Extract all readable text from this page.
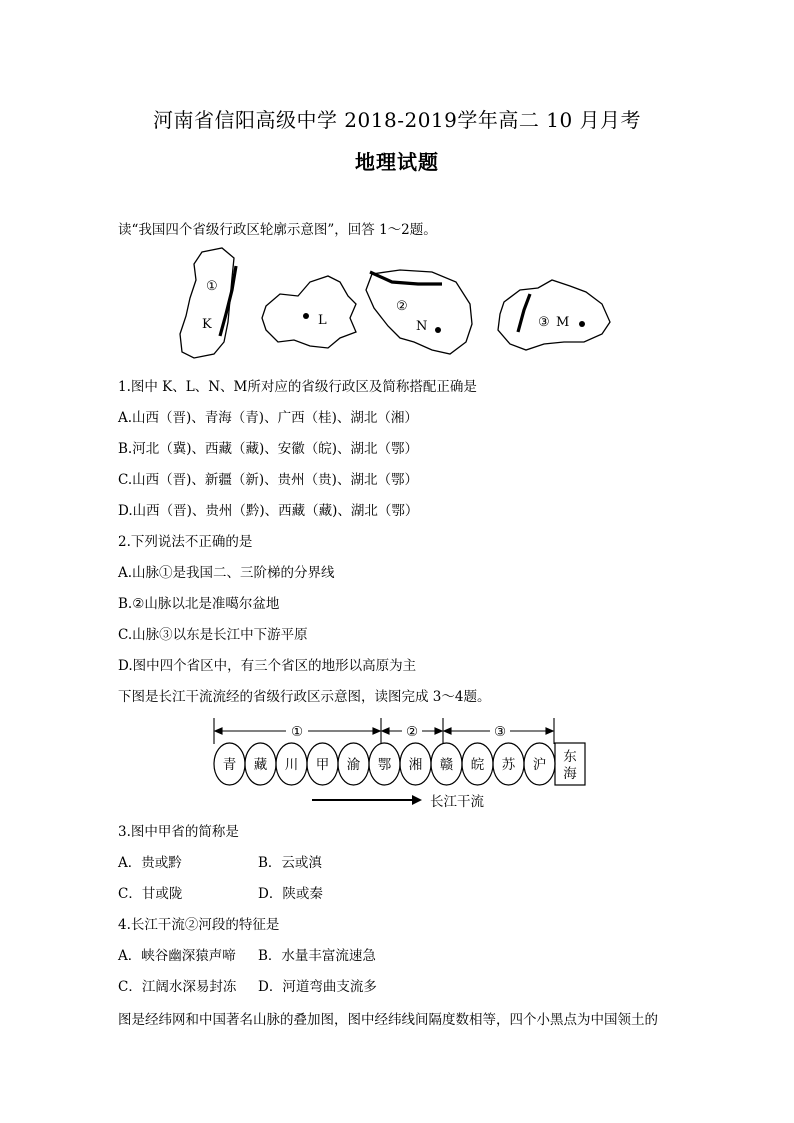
河南省信阳高级中学 2018-2019学年高二 10 月月考
地理试题
读“我国四个省级行政区轮廓示意图”，回答 1～2题。
①
K	L
②
N	③ M
1.图中 K、L、N、M所对应的省级行政区及简称搭配正确是
A.山西（晋)、青海（青)、广西（桂)、湖北（湘）
B.河北（冀)、西藏（藏)、安徽（皖)、湖北（鄂）
C.山西（晋)、新疆（新)、贵州（贵)、湖北（鄂）
D.山西（晋)、贵州（黔)、西藏（藏)、湖北（鄂）
2.下列说法不正确的是
A.山脉①是我国二、三阶梯的分界线
B.②山脉以北是准噶尔盆地
C.山脉③以东是长江中下游平原
D.图中四个省区中，有三个省区的地形以高原为主
下图是长江干流流经的省级行政区示意图，读图完成 3～4题。
青 藏 川 甲 渝 鄂 湘 赣 皖 苏 沪 东
海
①	②	③
长江干流
3.图中甲省的简称是
A．贵或黔	B．云或滇
C．甘或陇	D．陕或秦
4.长江干流②河段的特征是
A．峡谷幽深猿声啼 B．水量丰富流速急
C．江阔水深易封冻 D．河道弯曲支流多
图是经纬网和中国著名山脉的叠加图，图中经纬线间隔度数相等，四个小黑点为中国领土的
